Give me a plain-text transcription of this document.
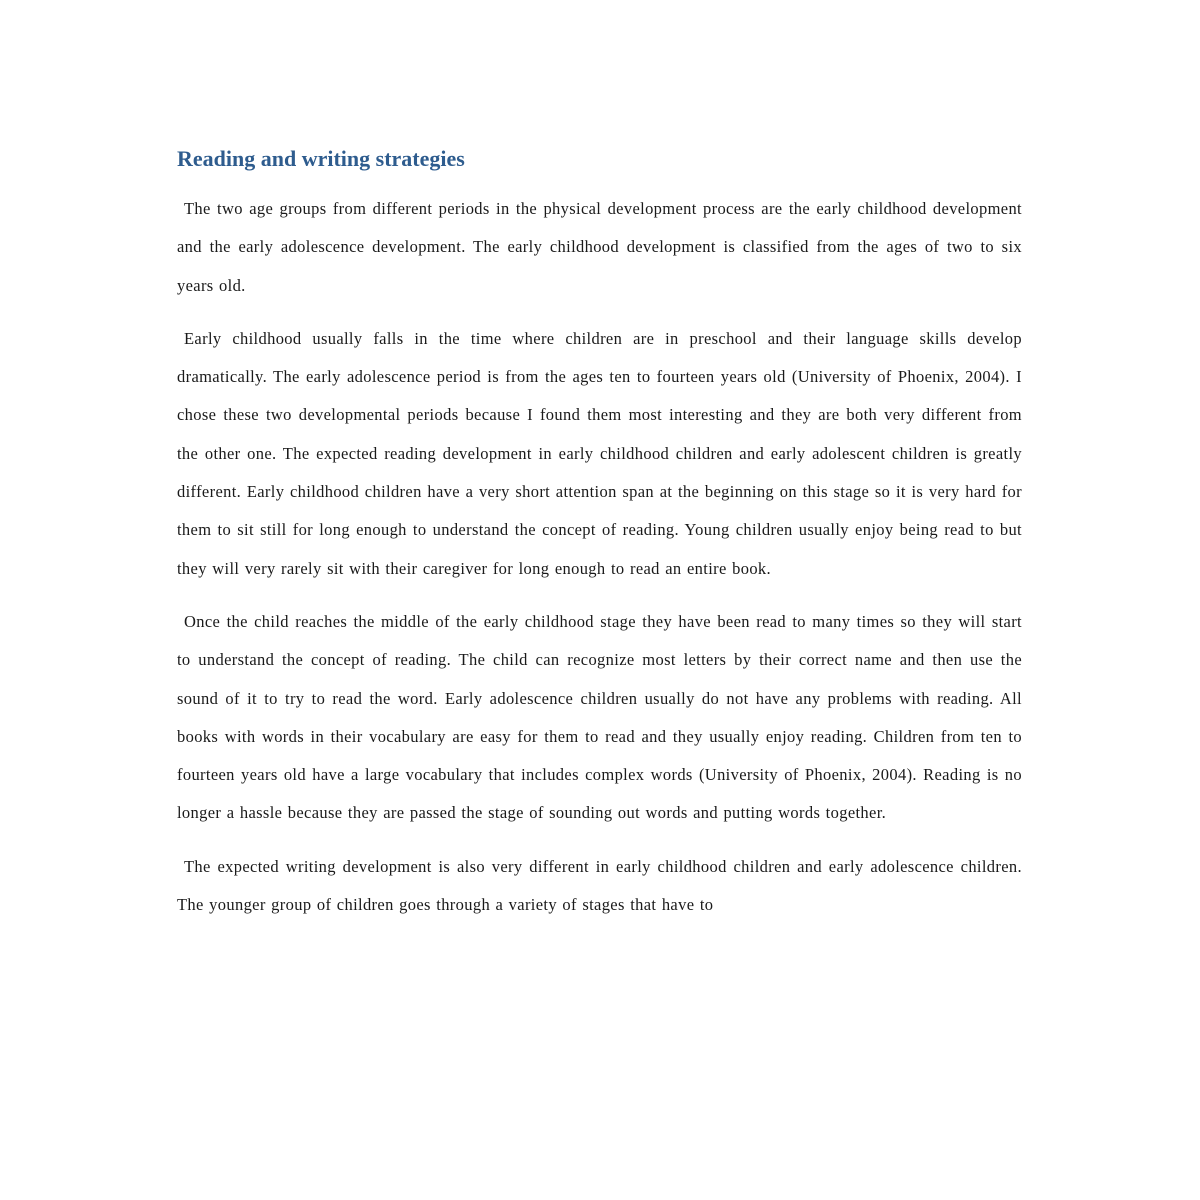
Reading and writing strategies

The two age groups from different periods in the physical development process are the early childhood development and the early adolescence development. The early childhood development is classified from the ages of two to six years old.

Early childhood usually falls in the time where children are in preschool and their language skills develop dramatically. The early adolescence period is from the ages ten to fourteen years old (University of Phoenix, 2004). I chose these two developmental periods because I found them most interesting and they are both very different from the other one. The expected reading development in early childhood children and early adolescent children is greatly different. Early childhood children have a very short attention span at the beginning on this stage so it is very hard for them to sit still for long enough to understand the concept of reading. Young children usually enjoy being read to but they will very rarely sit with their caregiver for long enough to read an entire book.

Once the child reaches the middle of the early childhood stage they have been read to many times so they will start to understand the concept of reading. The child can recognize most letters by their correct name and then use the sound of it to try to read the word. Early adolescence children usually do not have any problems with reading. All books with words in their vocabulary are easy for them to read and they usually enjoy reading. Children from ten to fourteen years old have a large vocabulary that includes complex words (University of Phoenix, 2004). Reading is no longer a hassle because they are passed the stage of sounding out words and putting words together.

The expected writing development is also very different in early childhood children and early adolescence children. The younger group of children goes through a variety of stages that have to
